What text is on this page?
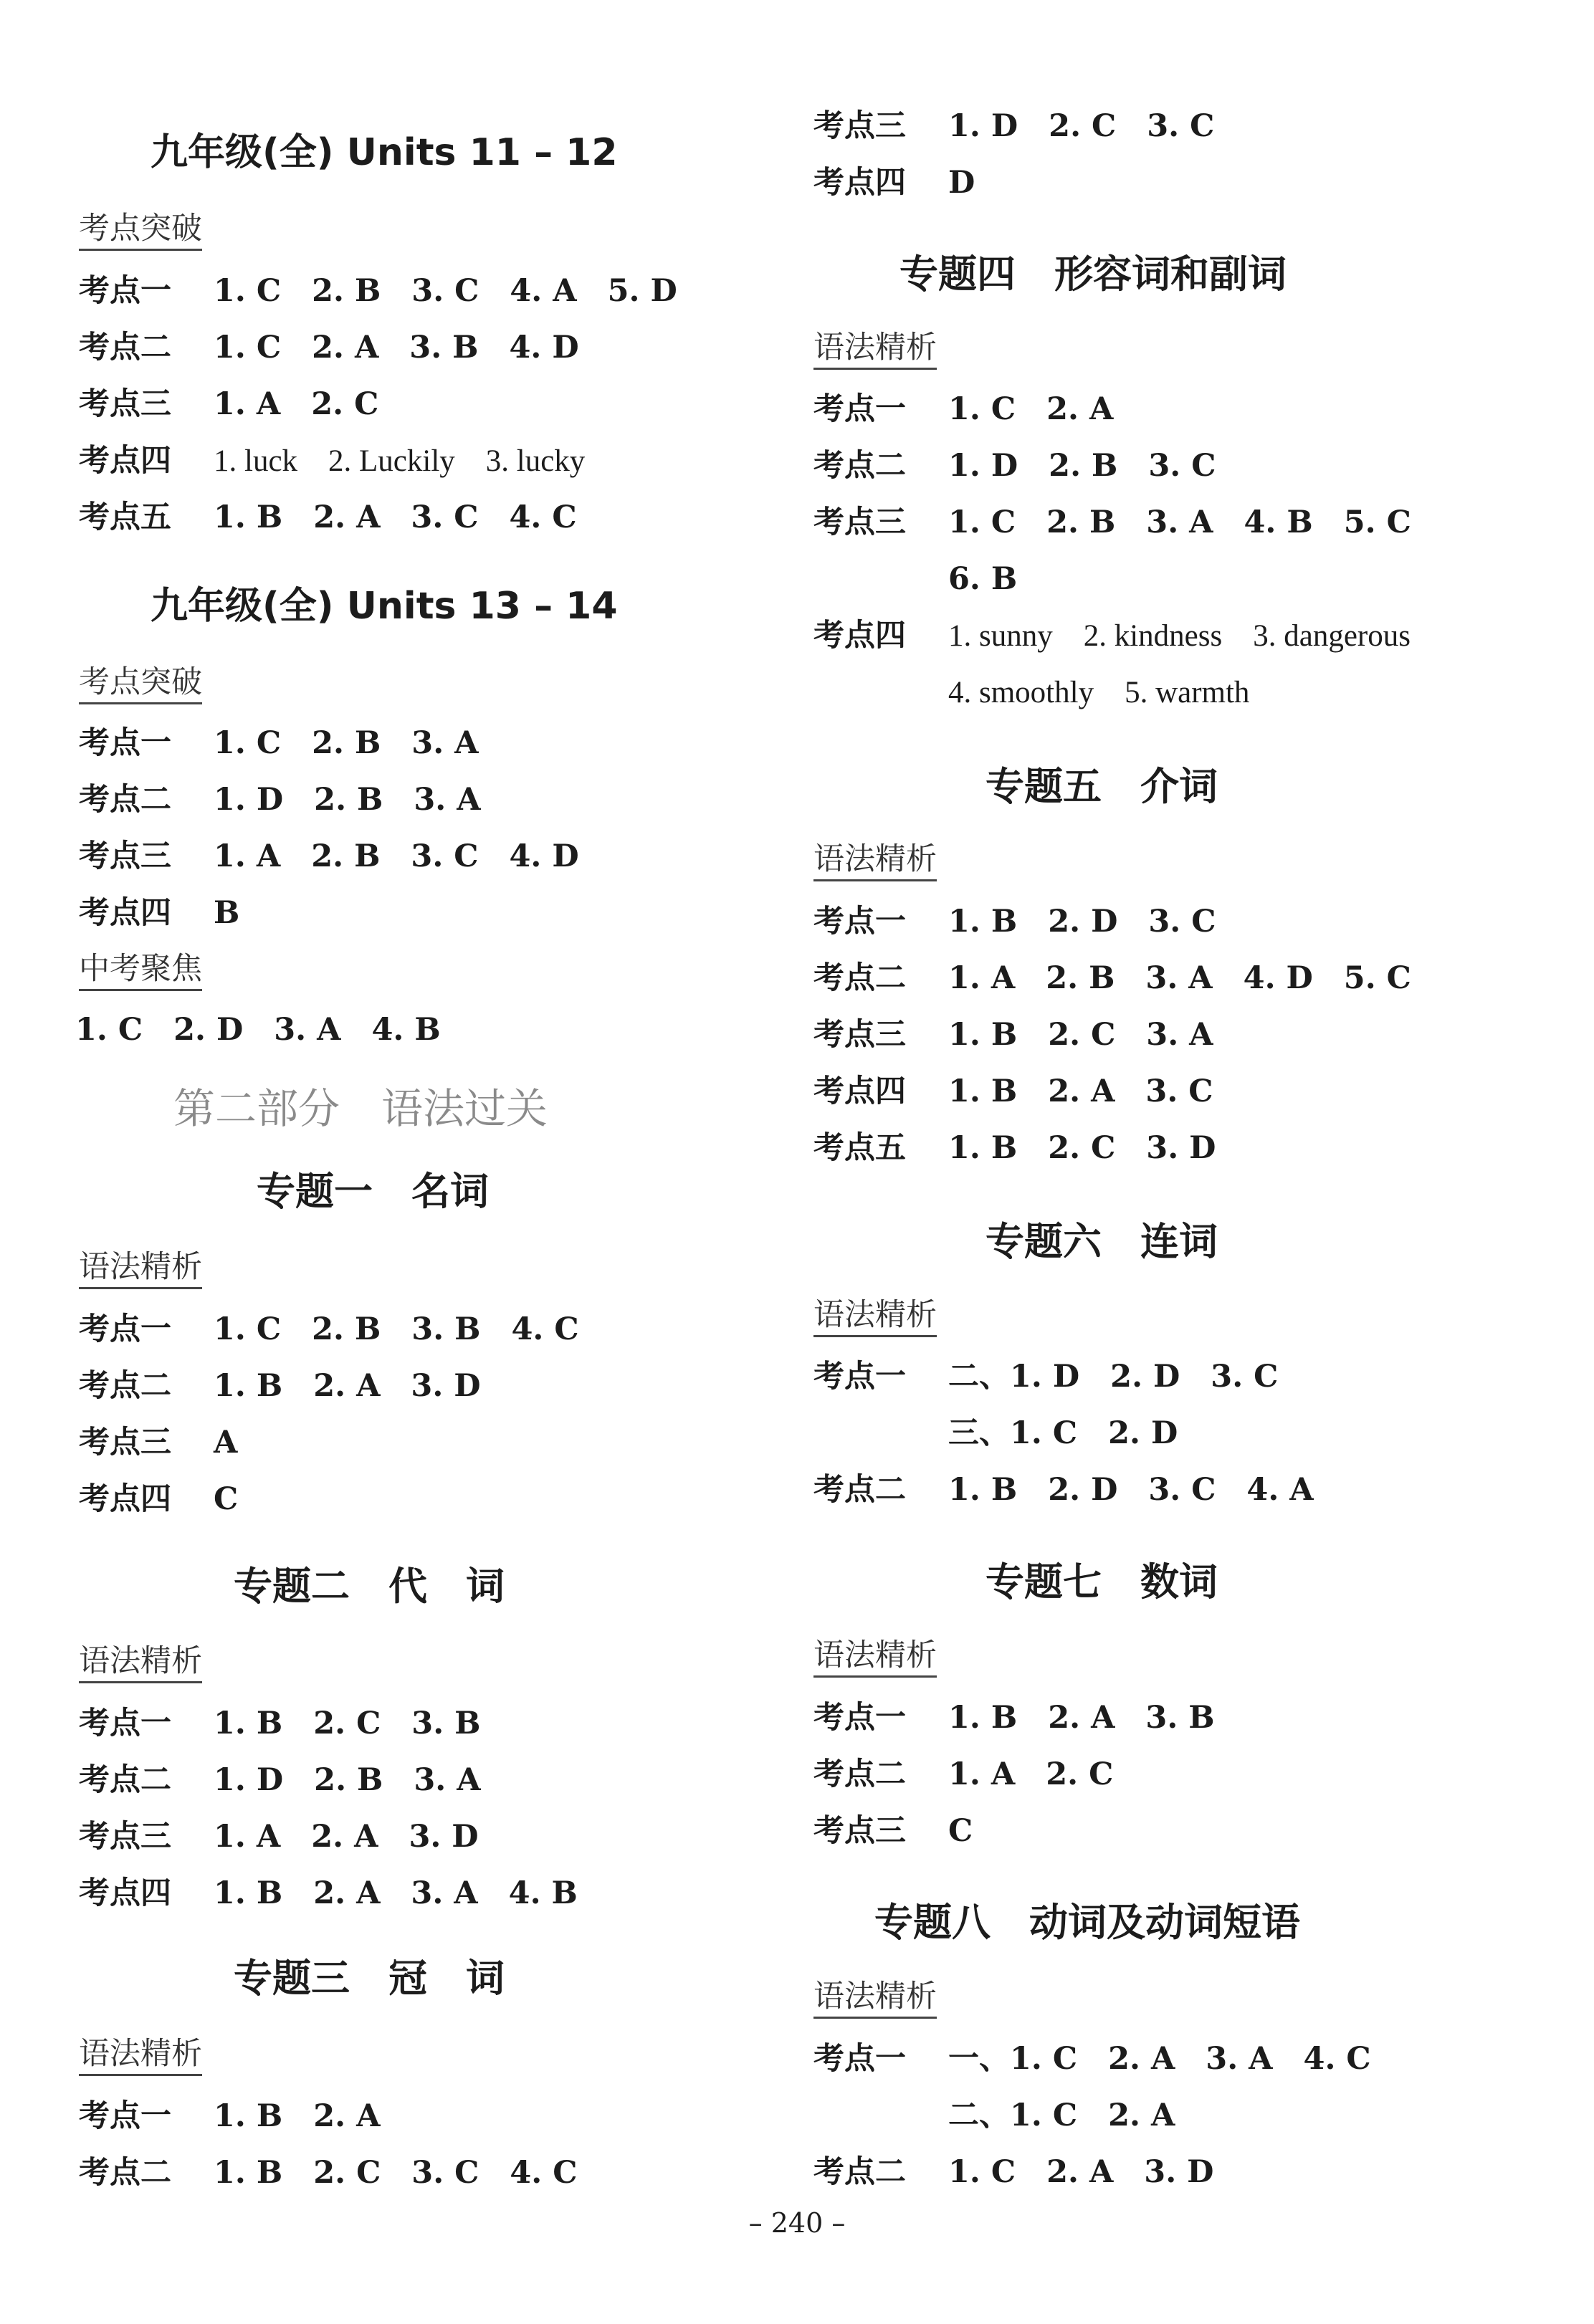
九年级(全) Units 11 – 12
考点突破
考点一 1. C　2. B　3. C　4. A　5. D
考点二 1. C　2. A　3. B　4. D
考点三 1. A　2. C
考点四 1. luck　2. Luckily　3. lucky
考点五 1. B　2. A　3. C　4. C
九年级(全) Units 13 – 14
考点突破
考点一 1. C　2. B　3. A
考点二 1. D　2. B　3. A
考点三 1. A　2. B　3. C　4. D
考点四 B
中考聚焦
1. C　2. D　3. A　4. B
第二部分　语法过关
专题一　名词
语法精析
考点一 1. C　2. B　3. B　4. C
考点二 1. B　2. A　3. D
考点三 A
考点四 C
专题二　代　词
语法精析
考点一 1. B　2. C　3. B
考点二 1. D　2. B　3. A
考点三 1. A　2. A　3. D
考点四 1. B　2. A　3. A　4. B
专题三　冠　词
语法精析
考点一 1. B　2. A
考点二 1. B　2. C　3. C　4. C
考点三 1. D　2. C　3. C
考点四 D
专题四　形容词和副词
语法精析
考点一 1. C　2. A
考点二 1. D　2. B　3. C
考点三 1. C　2. B　3. A　4. B　5. C
6. B
考点四 1. sunny　2. kindness　3. dangerous
4. smoothly　5. warmth
专题五　介词
语法精析
考点一 1. B　2. D　3. C
考点二 1. A　2. B　3. A　4. D　5. C
考点三 1. B　2. C　3. A
考点四 1. B　2. A　3. C
考点五 1. B　2. C　3. D
专题六　连词
语法精析
考点一 二、1. D　2. D　3. C
三、1. C　2. D
考点二 1. B　2. D　3. C　4. A
专题七　数词
语法精析
考点一 1. B　2. A　3. B
考点二 1. A　2. C
考点三 C
专题八　动词及动词短语
语法精析
考点一 一、1. C　2. A　3. A　4. C
二、1. C　2. A
考点二 1. C　2. A　3. D
– 240 –
